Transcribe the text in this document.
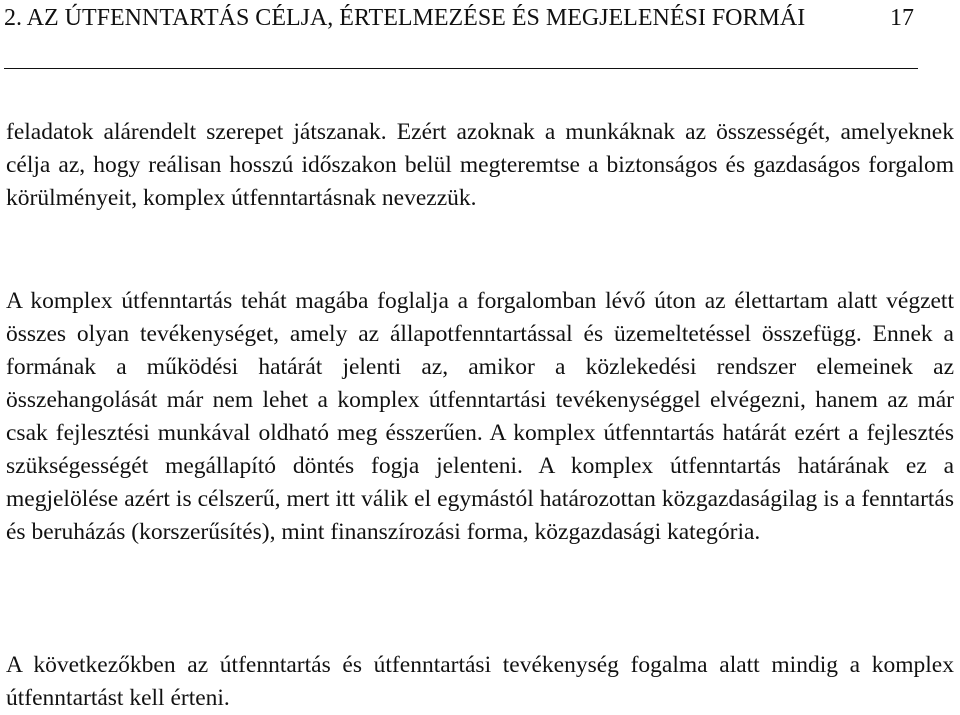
2. AZ ÚTFENNTARTÁS CÉLJA, ÉRTELMEZÉSE ÉS MEGJELENÉSI FORMÁI	17

feladatok alárendelt szerepet játszanak. Ezért azoknak a munkáknak az összességét, amelyeknek célja az, hogy reálisan hosszú időszakon belül megteremtse a biztonságos és gazdaságos forgalom körülményeit, komplex útfenntartásnak nevezzük.

A komplex útfenntartás tehát magába foglalja a forgalomban lévő úton az élettartam alatt végzett összes olyan tevékenységet, amely az állapotfenntartással és üzemeltetéssel összefügg. Ennek a formának a működési határát jelenti az, amikor a közlekedési rendszer elemeinek az összehangolását már nem lehet a komplex útfenntartási tevékenységgel elvégezni, hanem az már csak fejlesztési munkával oldható meg ésszerűen. A komplex útfenntartás határát ezért a fejlesztés szükségességét megállapító döntés fogja jelenteni. A komplex útfenntartás határának ez a megjelölése azért is célszerű, mert itt válik el egymástól határozottan közgazdaságilag is a fenntartás és beruházás (korszerűsítés), mint finanszírozási forma, közgazdasági kategória.

A következőkben az útfenntartás és útfenntartási tevékenység fogalma alatt mindig a komplex útfenntartást kell érteni.
